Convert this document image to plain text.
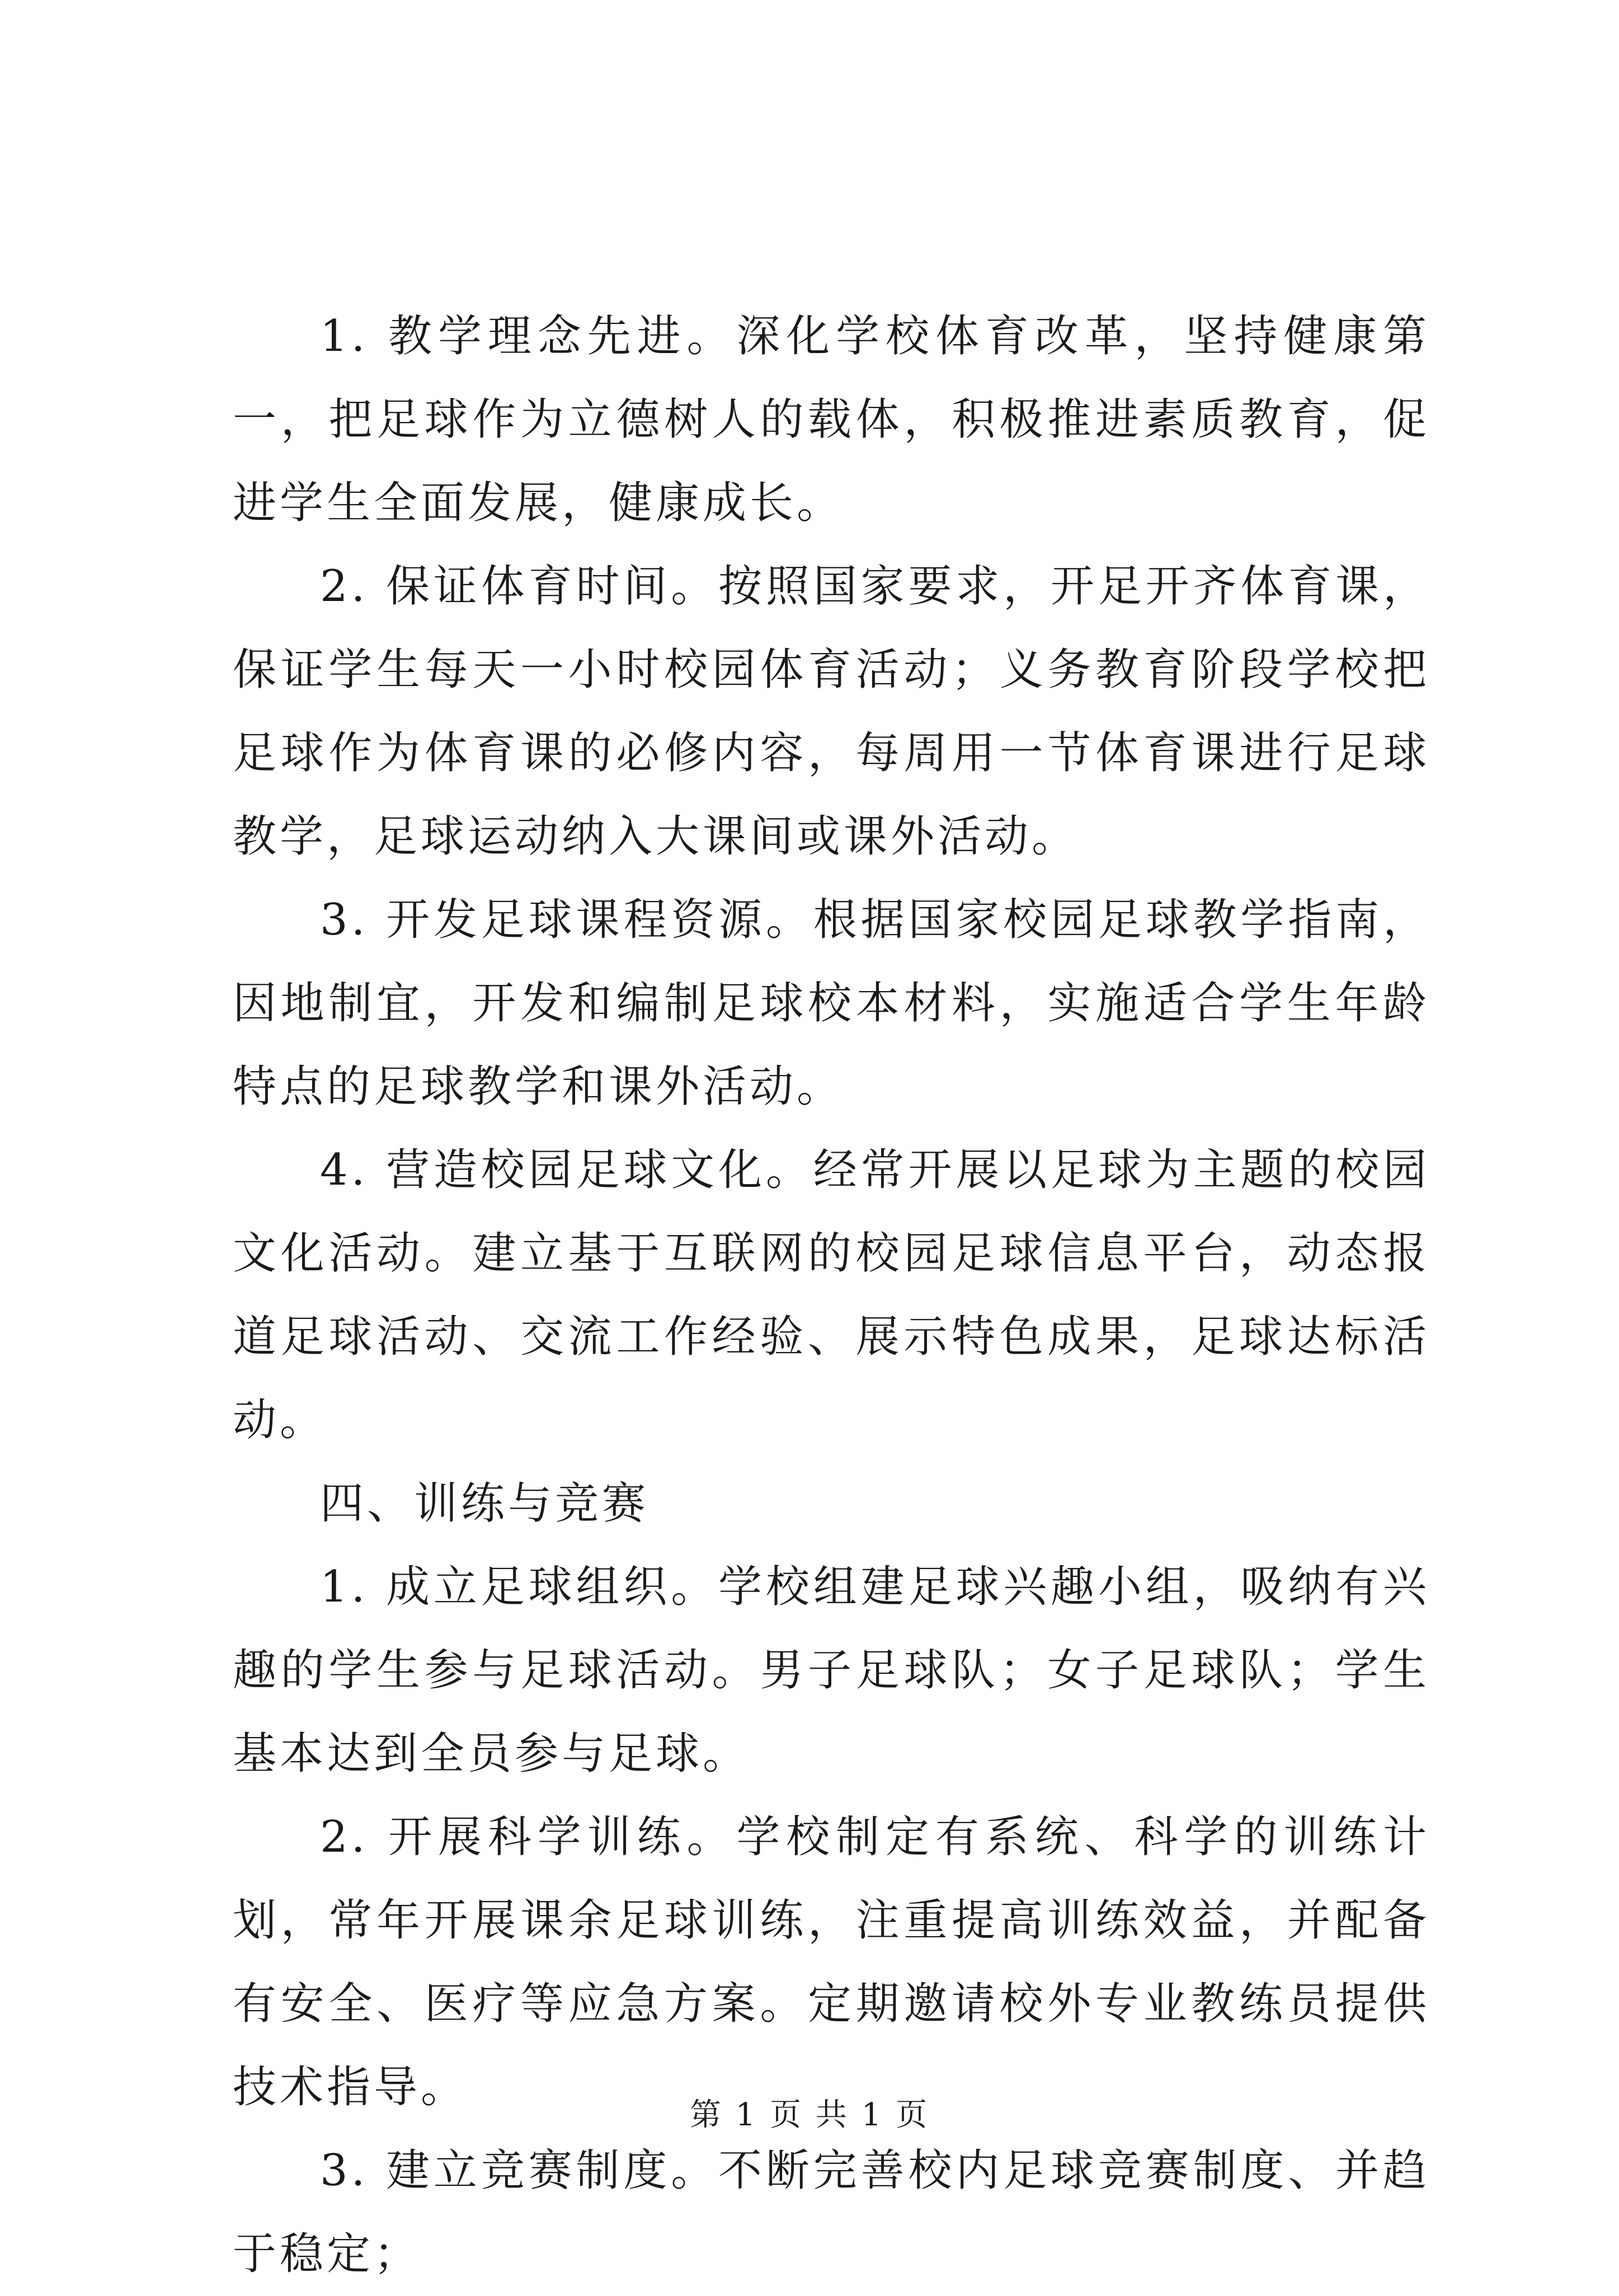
1. 教学理念先进。深化学校体育改革，坚持健康第一，把足球作为立德树人的载体，积极推进素质教育，促进学生全面发展，健康成长。

2. 保证体育时间。按照国家要求，开足开齐体育课，保证学生每天一小时校园体育活动；义务教育阶段学校把足球作为体育课的必修内容，每周用一节体育课进行足球教学，足球运动纳入大课间或课外活动。

3. 开发足球课程资源。根据国家校园足球教学指南，因地制宜，开发和编制足球校本材料，实施适合学生年龄特点的足球教学和课外活动。

4. 营造校园足球文化。经常开展以足球为主题的校园文化活动。建立基于互联网的校园足球信息平台，动态报道足球活动、交流工作经验、展示特色成果，足球达标活动。

四、训练与竞赛

1. 成立足球组织。学校组建足球兴趣小组，吸纳有兴趣的学生参与足球活动。男子足球队；女子足球队；学生基本达到全员参与足球。

2. 开展科学训练。学校制定有系统、科学的训练计划，常年开展课余足球训练，注重提高训练效益，并配备有安全、医疗等应急方案。定期邀请校外专业教练员提供技术指导。

3. 建立竞赛制度。不断完善校内足球竞赛制度、并趋于稳定；

第 1 页 共 1 页
